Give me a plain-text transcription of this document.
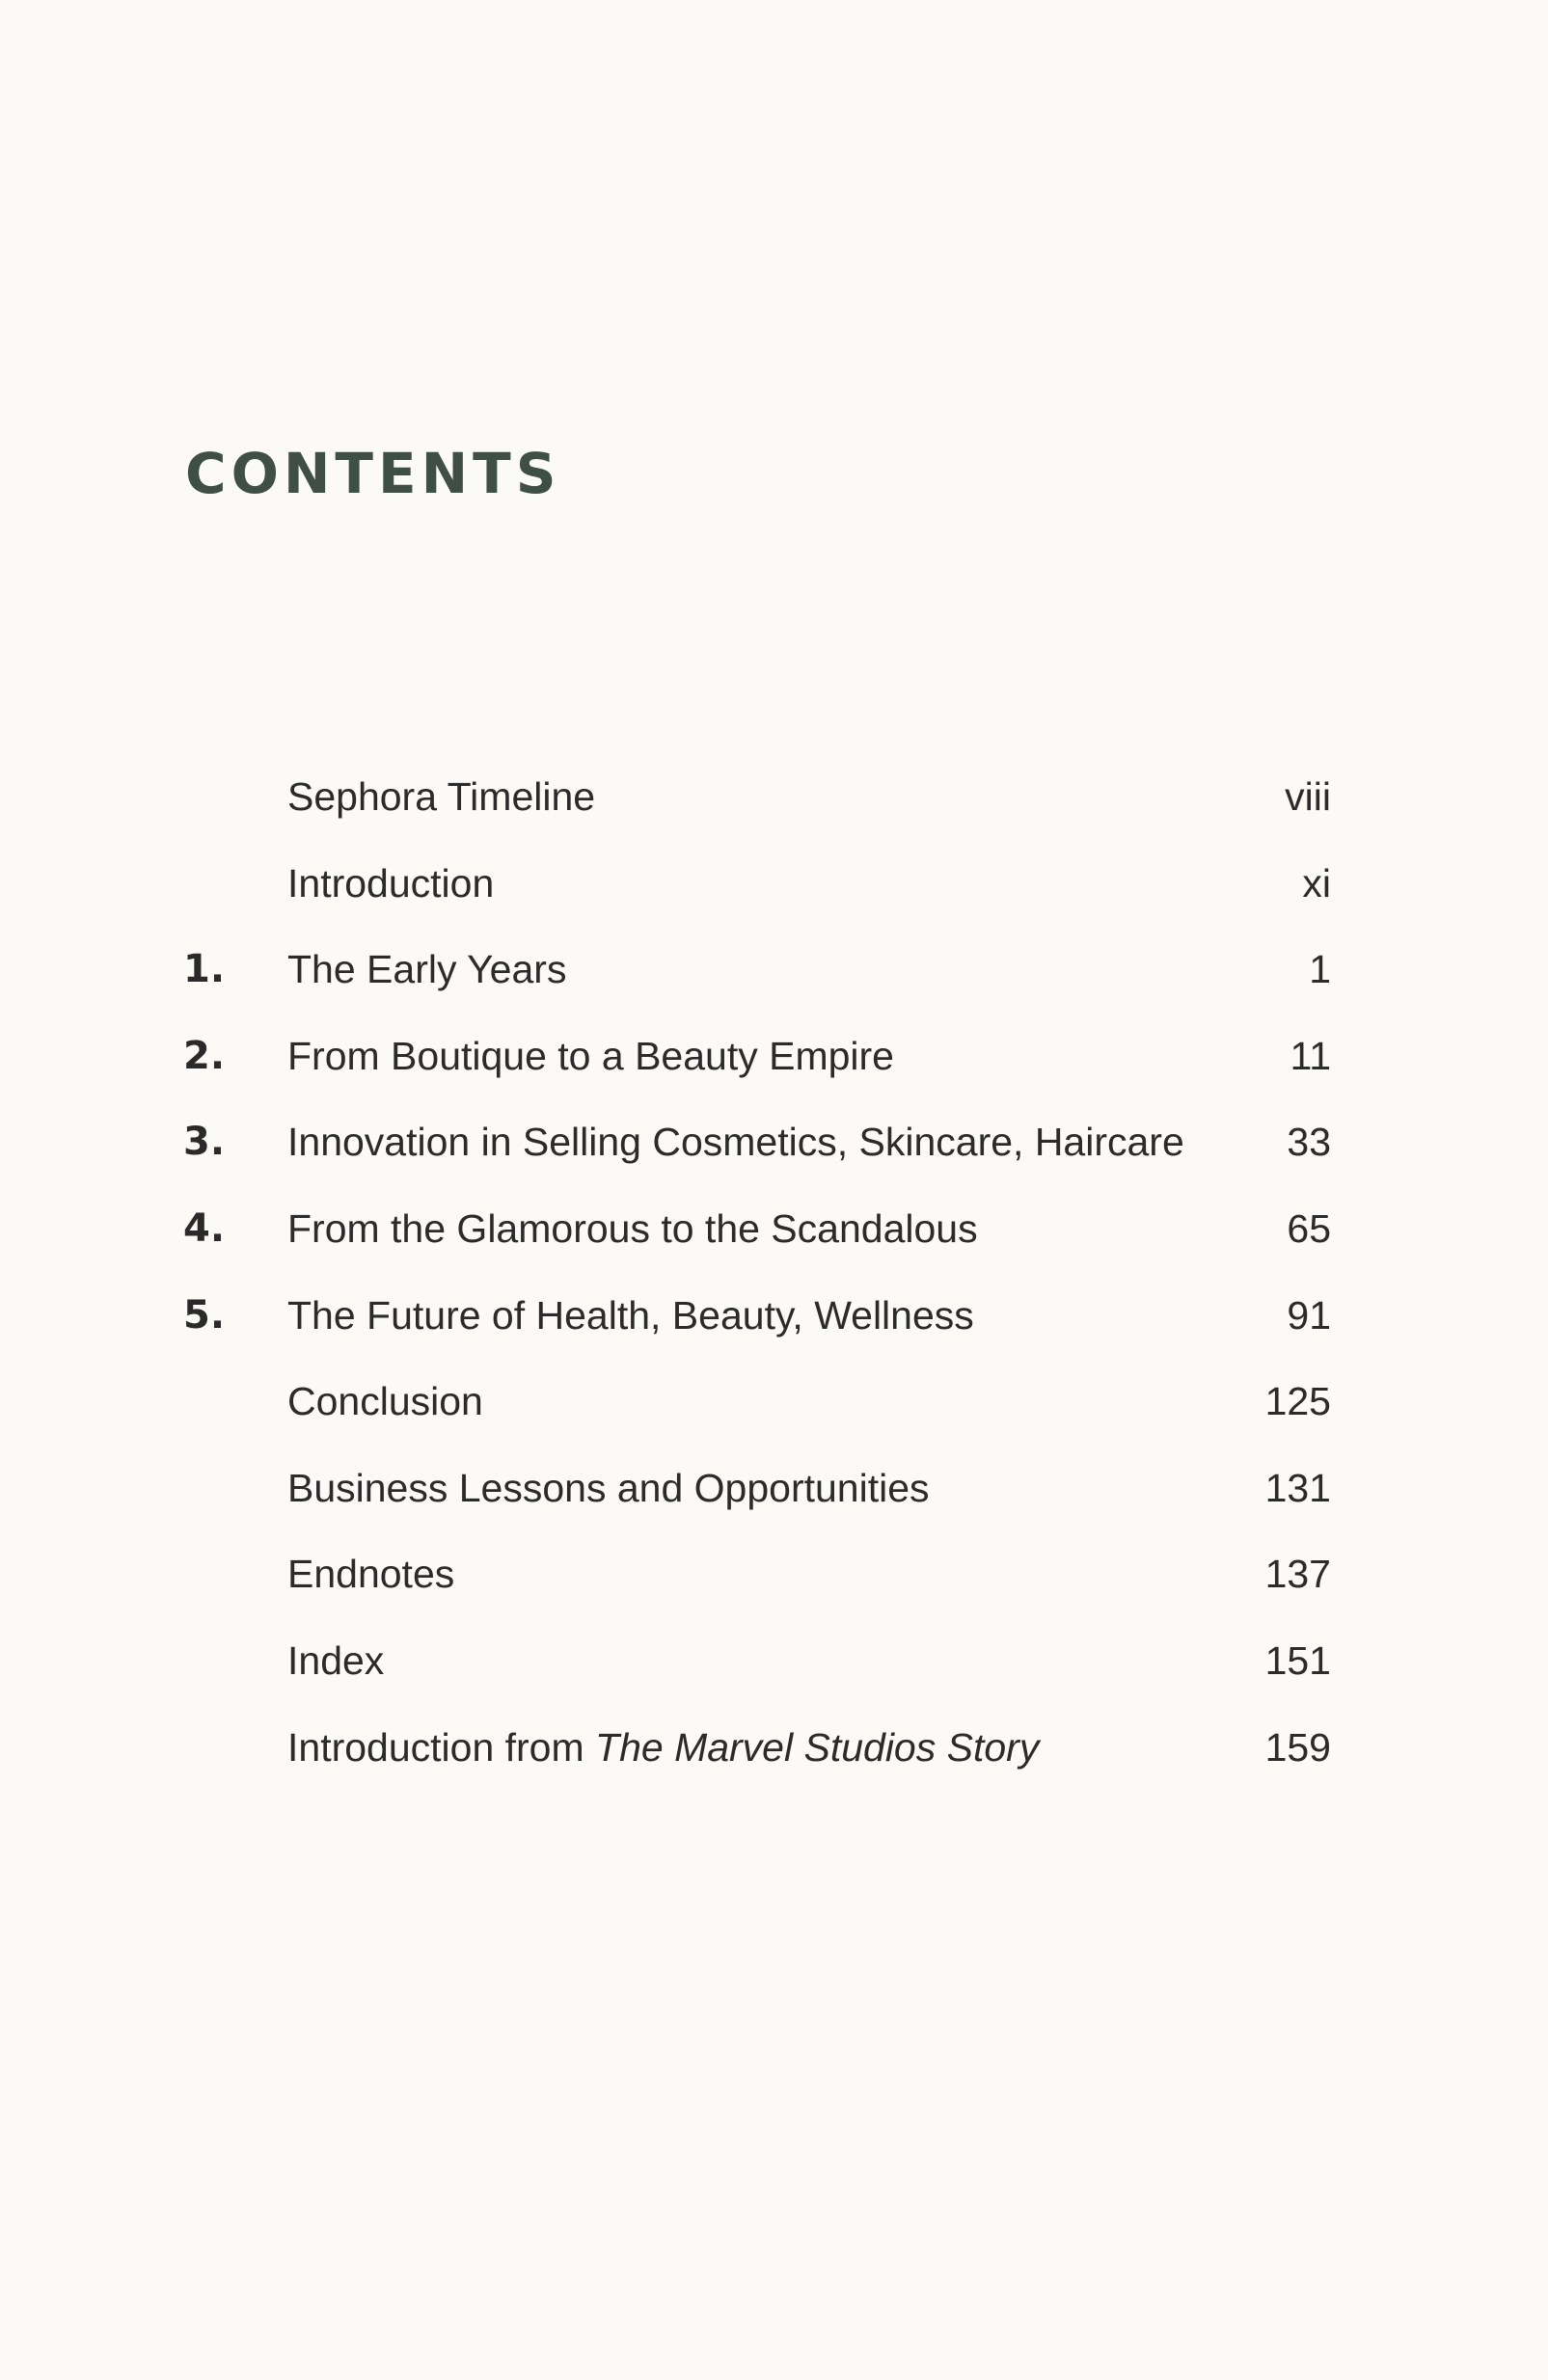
CONTENTS
Sephora Timeline	viii
Introduction	xi
1. The Early Years	1
2. From Boutique to a Beauty Empire	11
3. Innovation in Selling Cosmetics, Skincare, Haircare	33
4. From the Glamorous to the Scandalous	65
5. The Future of Health, Beauty, Wellness	91
Conclusion	125
Business Lessons and Opportunities	131
Endnotes	137
Index	151
Introduction from The Marvel Studios Story	159
